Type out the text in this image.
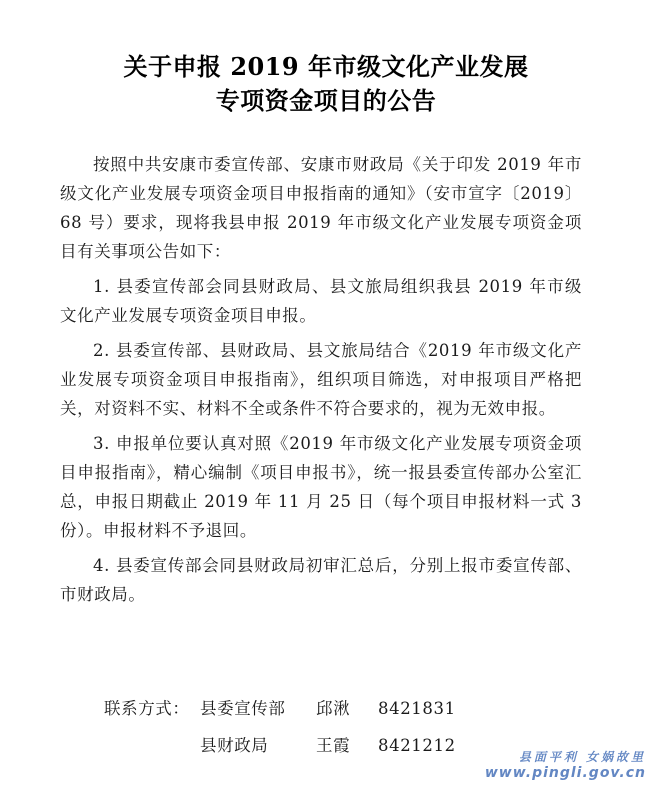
关于申报 2019 年市级文化产业发展
专项资金项目的公告

按照中共安康市委宣传部、安康市财政局《关于印发 2019 年市级文化产业发展专项资金项目申报指南的通知》（安市宣字〔2019〕68 号）要求，现将我县申报 2019 年市级文化产业发展专项资金项目有关事项公告如下：

1. 县委宣传部会同县财政局、县文旅局组织我县 2019 年市级文化产业发展专项资金项目申报。

2. 县委宣传部、县财政局、县文旅局结合《2019 年市级文化产业发展专项资金项目申报指南》，组织项目筛选，对申报项目严格把关，对资料不实、材料不全或条件不符合要求的，视为无效申报。

3. 申报单位要认真对照《2019 年市级文化产业发展专项资金项目申报指南》，精心编制《项目申报书》，统一报县委宣传部办公室汇总，申报日期截止 2019 年 11 月 25 日（每个项目申报材料一式 3 份）。申报材料不予退回。

4. 县委宣传部会同县财政局初审汇总后，分别上报市委宣传部、市财政局。

联系方式： 县委宣传部 邱湫 8421831
县财政局	王霞 8421212
县面平利 女娲故里
www.pingli.gov.cn
